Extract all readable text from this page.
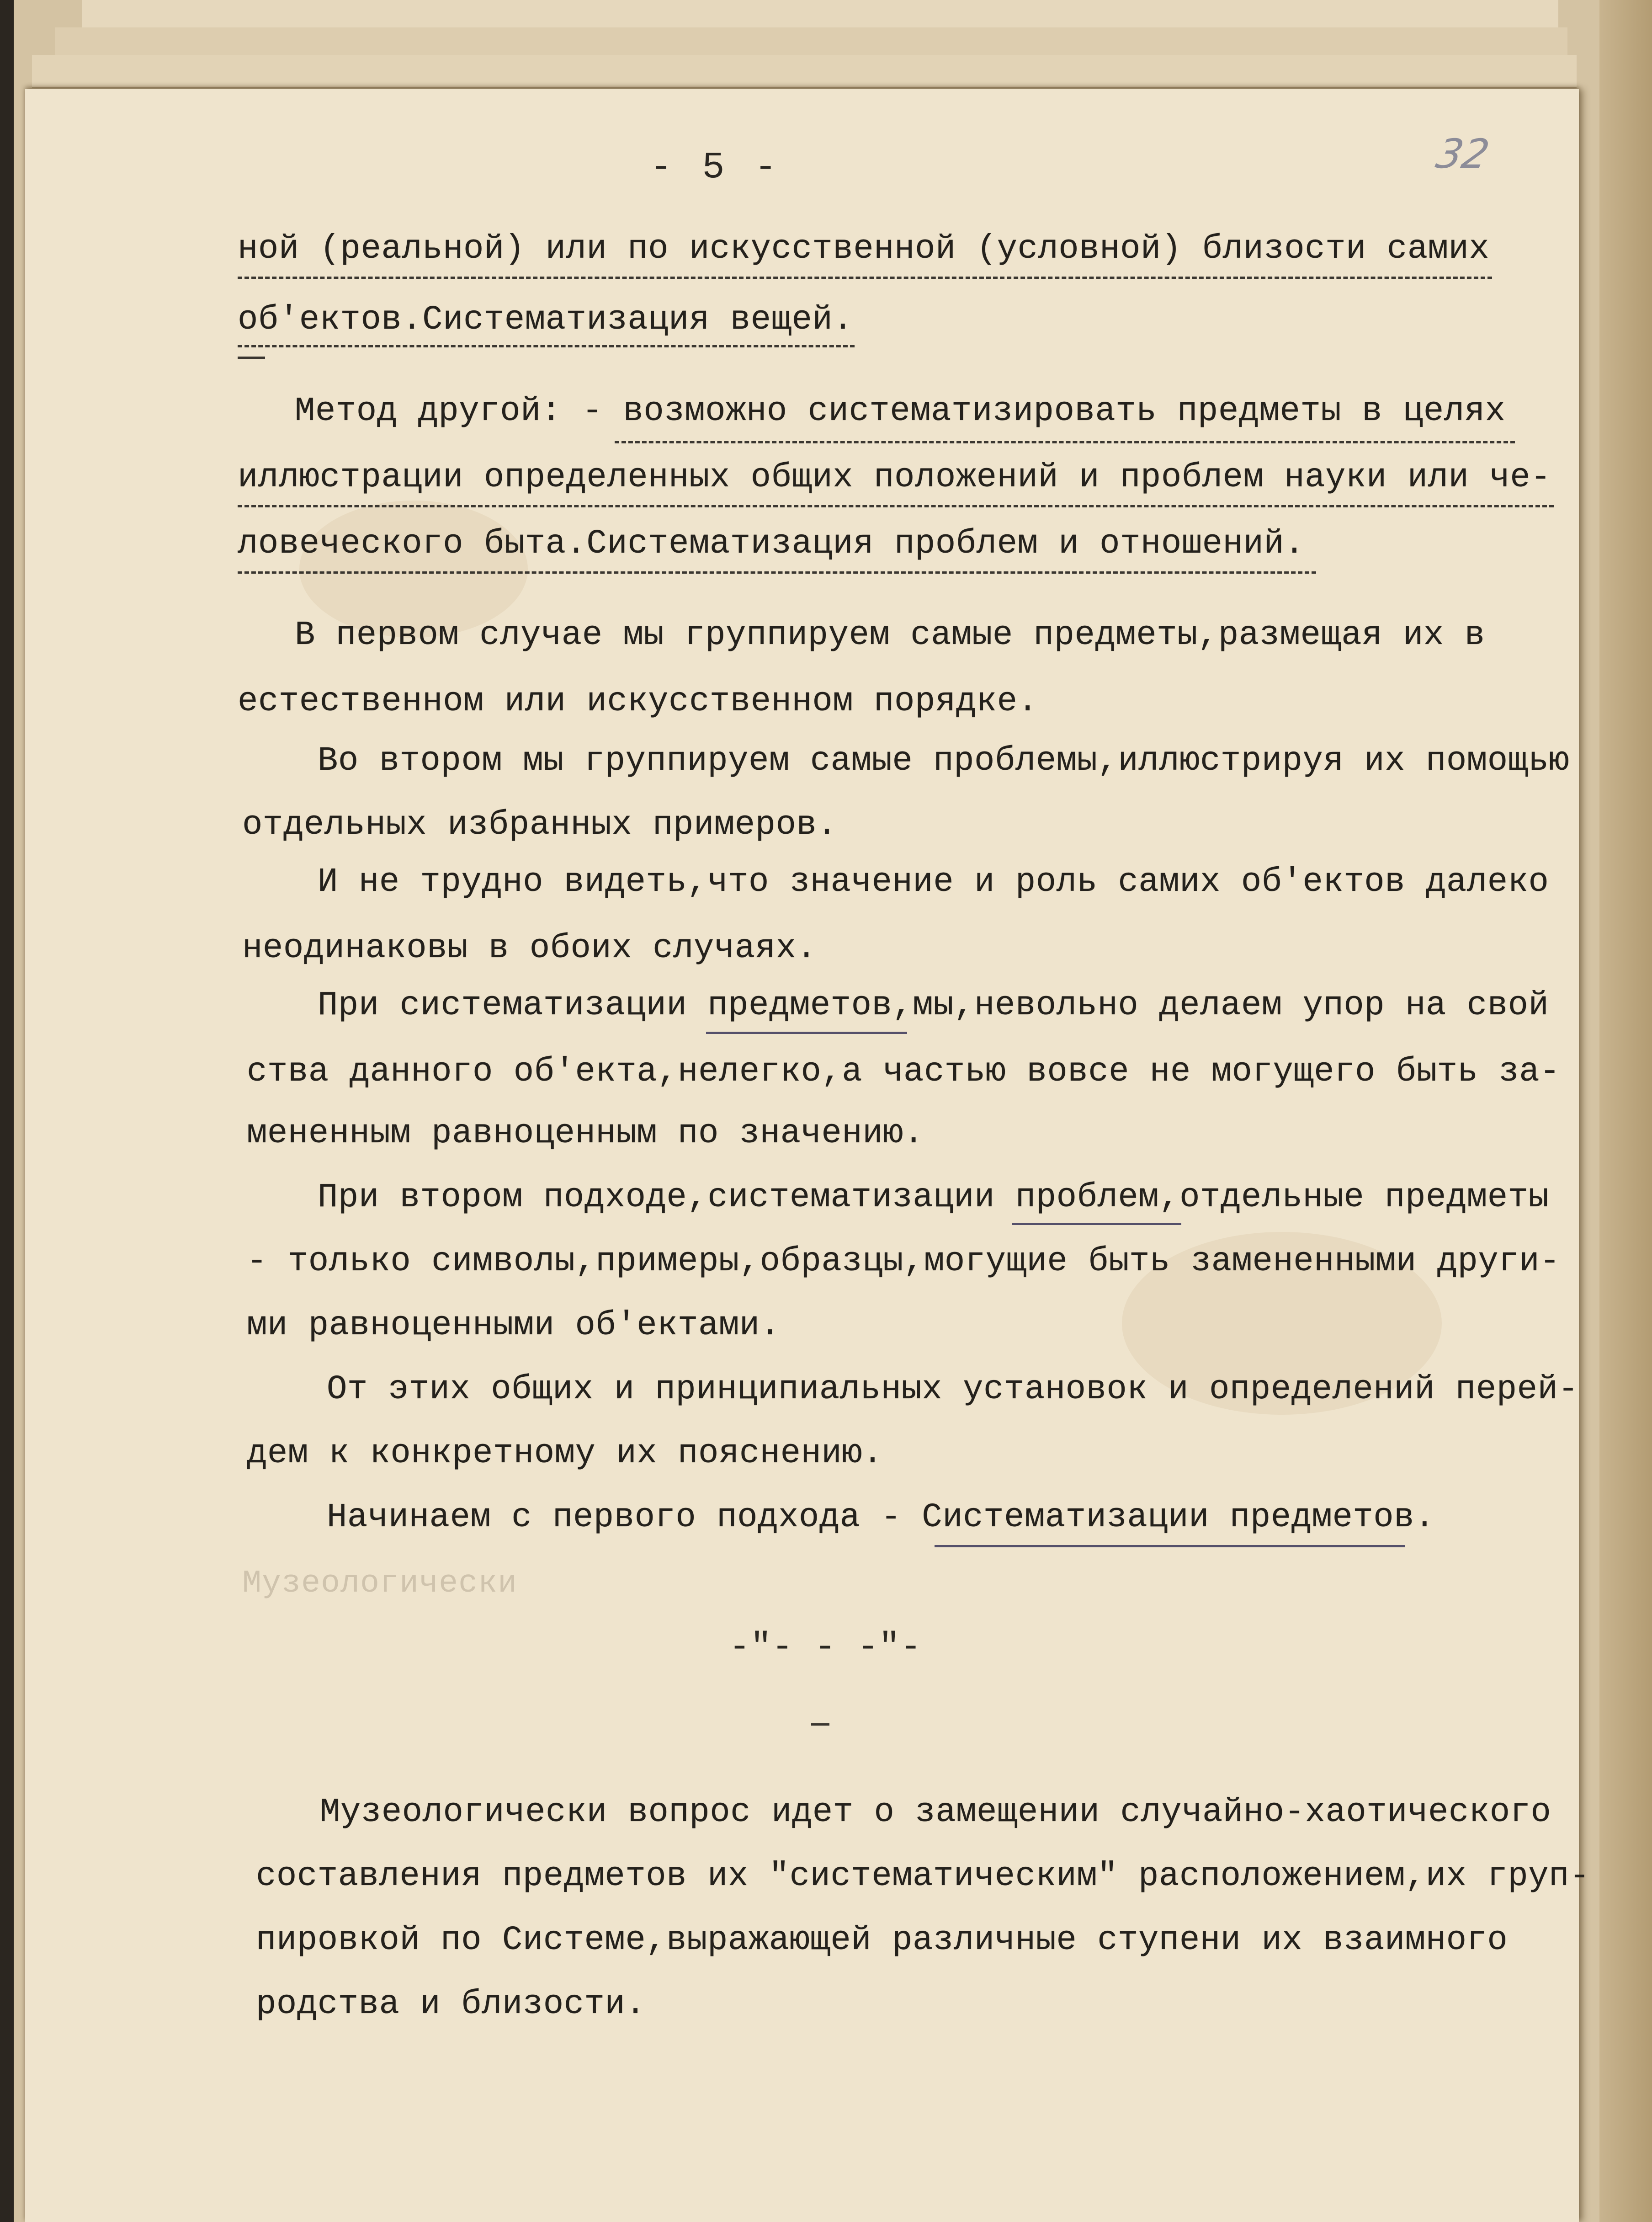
- 5 -	32
ной (реальной) или по искусственной (условной) близости самих
об'ектов.Систематизация вещей.
Метод другой: - возможно систематизировать предметы в целях
иллюстрации определенных общих положений и проблем науки или че-
ловеческого быта.Систематизация проблем и отношений.
В первом случае мы группируем самые предметы,размещая их в
естественном или искусственном порядке.
Во втором мы группируем самые проблемы,иллюстрируя их помощью
отдельных избранных примеров.
И не трудно видеть,что значение и роль самих об'ектов далеко
неодинаковы в обоих случаях.
При систематизации предметов,мы,невольно делаем упор на свой
ства данного об'екта,нелегко,а частью вовсе не могущего быть за-
мененным равноценным по значению.
При втором подходе,систематизации проблем,отдельные предметы
- только символы,примеры,образцы,могущие быть замененными други-
ми равноценными об'ектами.
От этих общих и принципиальных установок и определений перей-
дем к конкретному их пояснению.
Начинаем с первого подхода - Систематизации предметов.
Музеологически
-"- - -"-
Музеологически вопрос идет о замещении случайно-хаотического
составления предметов их "систематическим" расположением,их груп-
пировкой по Системе,выражающей различные ступени их взаимного
родства и близости.
